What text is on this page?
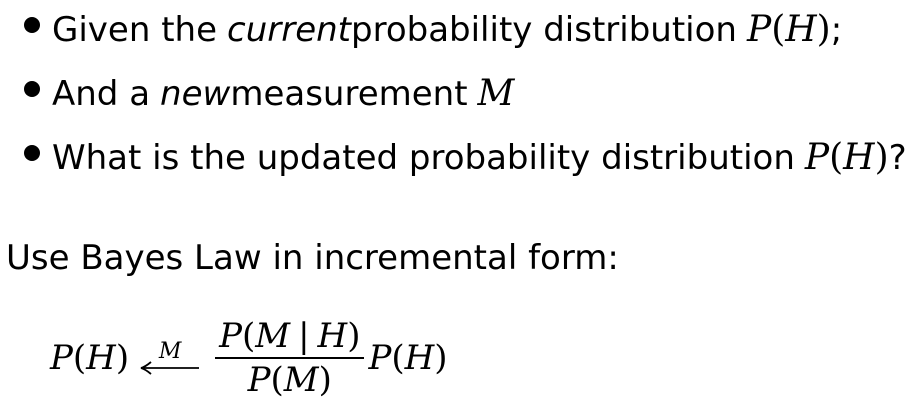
Given the current probability distribution P(H) ;
And a new measurement M
What is the updated probability distribution P(H) ?
Use Bayes Law in incremental form:
P(H) M $\frac{P(M | H)}{P(M)} P(H)$
